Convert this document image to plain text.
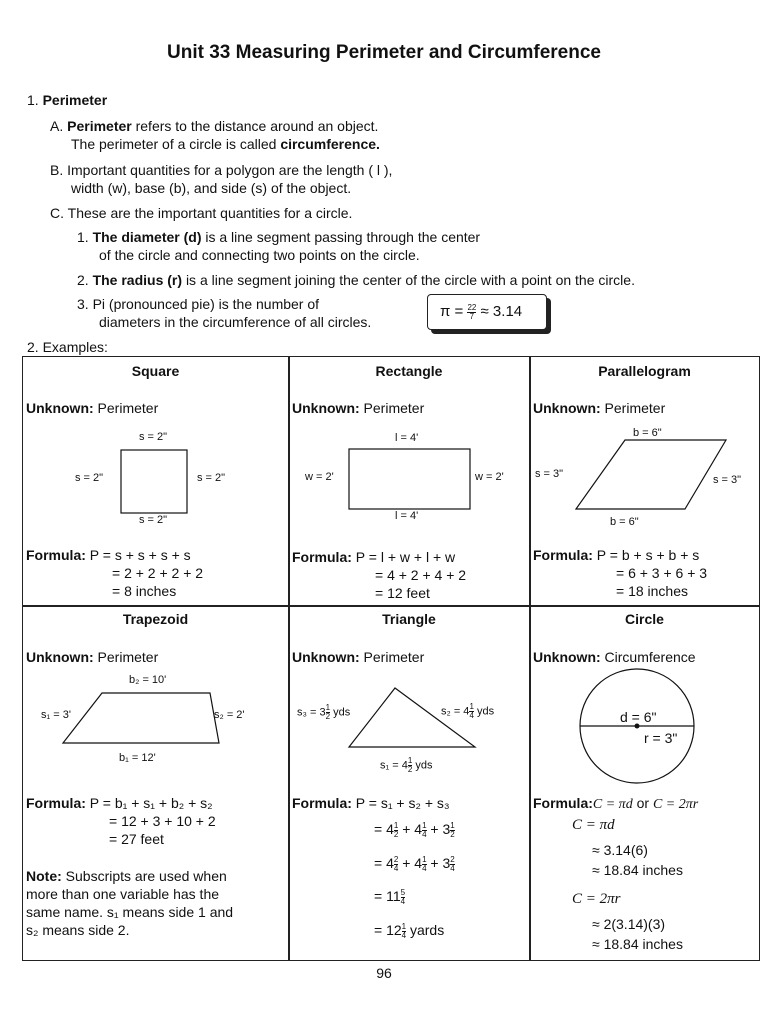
Unit 33 Measuring Perimeter and Circumference
1. Perimeter
A. Perimeter refers to the distance around an object.
The perimeter of a circle is called circumference.
B. Important quantities for a polygon are the length ( l ),
width (w), base (b), and side (s) of the object.
C. These are the important quantities for a circle.
1. The diameter (d) is a line segment passing through the center
of the circle and connecting two points on the circle.
2. The radius (r) is a line segment joining the center of the circle with a point on the circle.
3. Pi (pronounced pie) is the number of
diameters in the circumference of all circles.
$\pi = \frac{22}{7} \approx 3.14$
2. Examples:
Square
Unknown: Perimeter
s = 2"
s = 2"
s = 2"	s = 2"
Formula: P = s + s + s + s
= 2 + 2 + 2 + 2
= 8 inches
Rectangle
Unknown: Perimeter
l = 4'
l = 4'
w = 2'	w = 2'
Formula: P = l + w + l + w
= 4 + 2 + 4 + 2
= 12 feet
Parallelogram
Unknown: Perimeter
b = 6"
b = 6"
s = 3"	s = 3"
Formula: P = b + s + b + s
= 6 + 3 + 6 + 3
= 18 inches
Trapezoid
Unknown: Perimeter
b₂ = 10'
b₁ = 12'
s₁ = 3'	s₂ = 2'
Formula: P = b₁ + s₁ + b₂ + s₂
= 12 + 3 + 10 + 2
= 27 feet
Note: Subscripts are used when
more than one variable has the
same name. s₁ means side 1 and
s₂ means side 2.
Triangle
Unknown: Perimeter
$s_3 = 3 \frac{1}{2}$ yds	$s_2 = 4 \frac{1}{4}$ yds
$s_1 = 4 \frac{1}{2}$ yds
Formula: P = s₁ + s₂ + s₃
= $4 \frac{1}{2} + 4 \frac{1}{4} + 3 \frac{1}{2}$
= $4 \frac{2}{4} + 4 \frac{1}{4} + 3 \frac{2}{4}$
= $11 \frac{5}{4}$
= $12 \frac{1}{4}$ yards
Circle
Unknown: Circumference
d = 6"
r = 3"
Formula:C = πd or C = 2πr
C = πd
≈ 3.14(6)
≈ 18.84 inches
C = 2πr
≈ 2(3.14)(3)
≈ 18.84 inches
96
